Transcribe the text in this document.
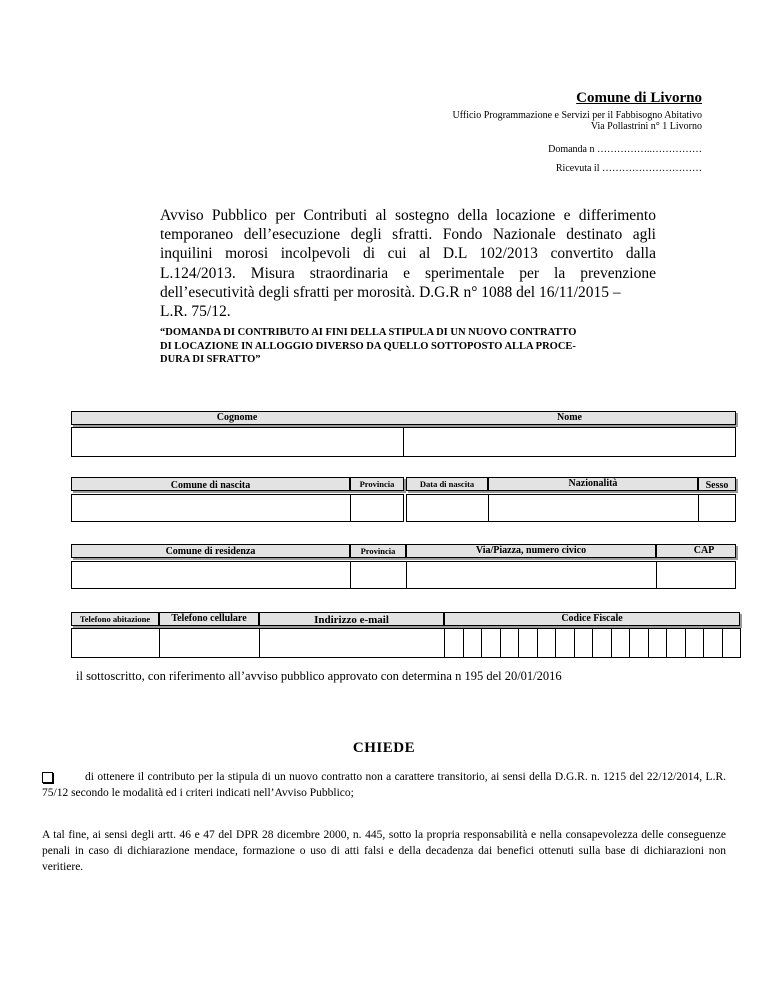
Comune di Livorno
Ufficio Programmazione e Servizi per il Fabbisogno Abitativo
Via Pollastrini n° 1 Livorno
Domanda n ……………..……………
Ricevuta il …………………………
Avviso Pubblico per Contributi al sostegno della locazione e differimento temporaneo dell’esecuzione degli sfratti. Fondo Nazionale destinato agli inquilini morosi incolpevoli di cui al D.L 102/2013 convertito dalla L.124/2013. Misura straordinaria e sperimentale per la prevenzione dell’esecutività degli sfratti per morosità. D.G.R n° 1088 del 16/11/2015 –
L.R. 75/12.
“DOMANDA DI CONTRIBUTO AI FINI DELLA STIPULA DI UN NUOVO CONTRATTO
DI LOCAZIONE IN ALLOGGIO DIVERSO DA QUELLO SOTTOPOSTO ALLA PROCE-
DURA DI SFRATTO”
Cognome	Nome
Comune di nascita	Provincia	Data di nascita	Nazionalità	Sesso
Comune di residenza	Provincia	Via/Piazza, numero civico	CAP
Telefono abitazione	Telefono cellulare	Indirizzo e-mail	Codice Fiscale
il sottoscritto, con riferimento all’avviso pubblico approvato con determina n 195 del 20/01/2016
CHIEDE
di ottenere il contributo per la stipula di un nuovo contratto non a carattere transitorio, ai sensi della D.G.R. n. 1215 del 22/12/2014, L.R. 75/12 secondo le modalità ed i criteri indicati nell’Avviso Pubblico;
A tal fine, ai sensi degli artt. 46 e 47 del DPR 28 dicembre 2000, n. 445, sotto la propria responsabilità e nella consapevolezza delle conseguenze penali in caso di dichiarazione mendace, formazione o uso di atti falsi e della decadenza dai benefici ottenuti sulla base di dichiarazioni non veritiere.
